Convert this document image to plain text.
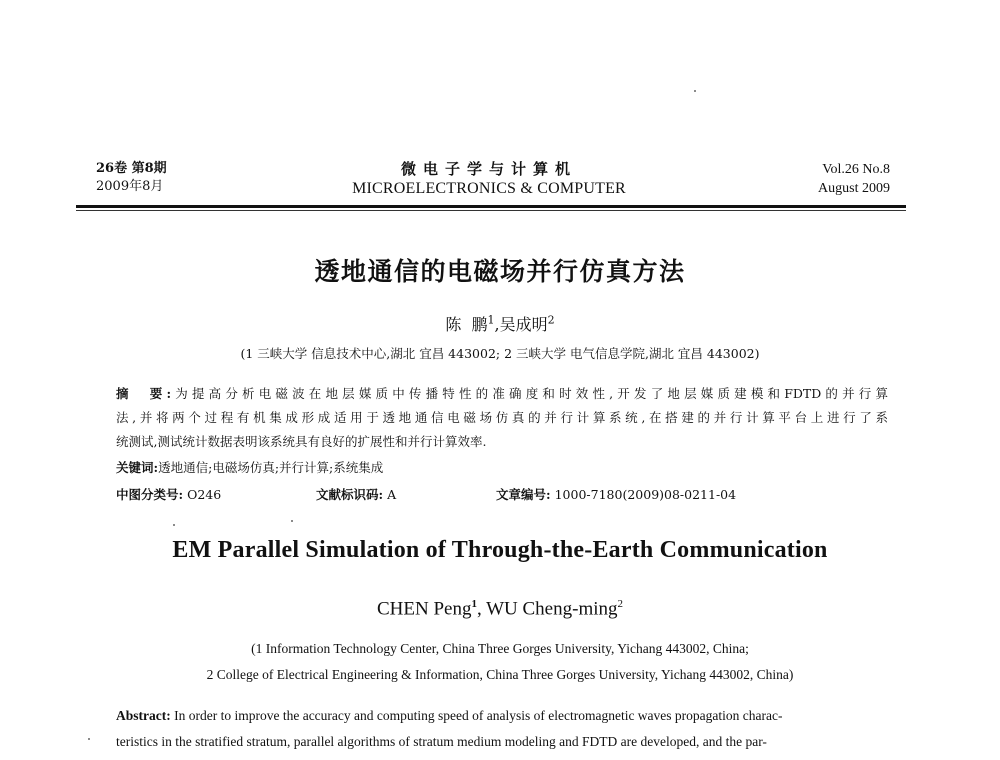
26卷 第8期
2009年8月
微电子学与计算机
MICROELECTRONICS & COMPUTER
Vol.26 No.8
August 2009
透地通信的电磁场并行仿真方法
陈  鹏$^1$,吴成明$^2$
(1 三峡大学 信息技术中心,湖北 宜昌 443002; 2 三峡大学 电气信息学院,湖北 宜昌 443002)
摘  要:为提高分析电磁波在地层媒质中传播特性的准确度和时效性,开发了地层媒质建模和FDTD的并行算
法,并将两个过程有机集成形成适用于透地通信电磁场仿真的并行计算系统,在搭建的并行计算平台上进行了系
统测试,测试统计数据表明该系统具有良好的扩展性和并行计算效率.
关键词:透地通信;电磁场仿真;并行计算;系统集成
中图分类号: O246	文献标识码: A	文章编号: 1000-7180(2009)08-0211-04
EM Parallel Simulation of Through-the-Earth Communication
CHEN Peng$^1$, WU Cheng-ming$^2$
(1 Information Technology Center, China Three Gorges University, Yichang 443002, China;
2 College of Electrical Engineering & Information, China Three Gorges University, Yichang 443002, China)
Abstract: In order to improve the accuracy and computing speed of analysis of electromagnetic waves propagation charac-
teristics in the stratified stratum, parallel algorithms of stratum medium modeling and FDTD are developed, and the par-
